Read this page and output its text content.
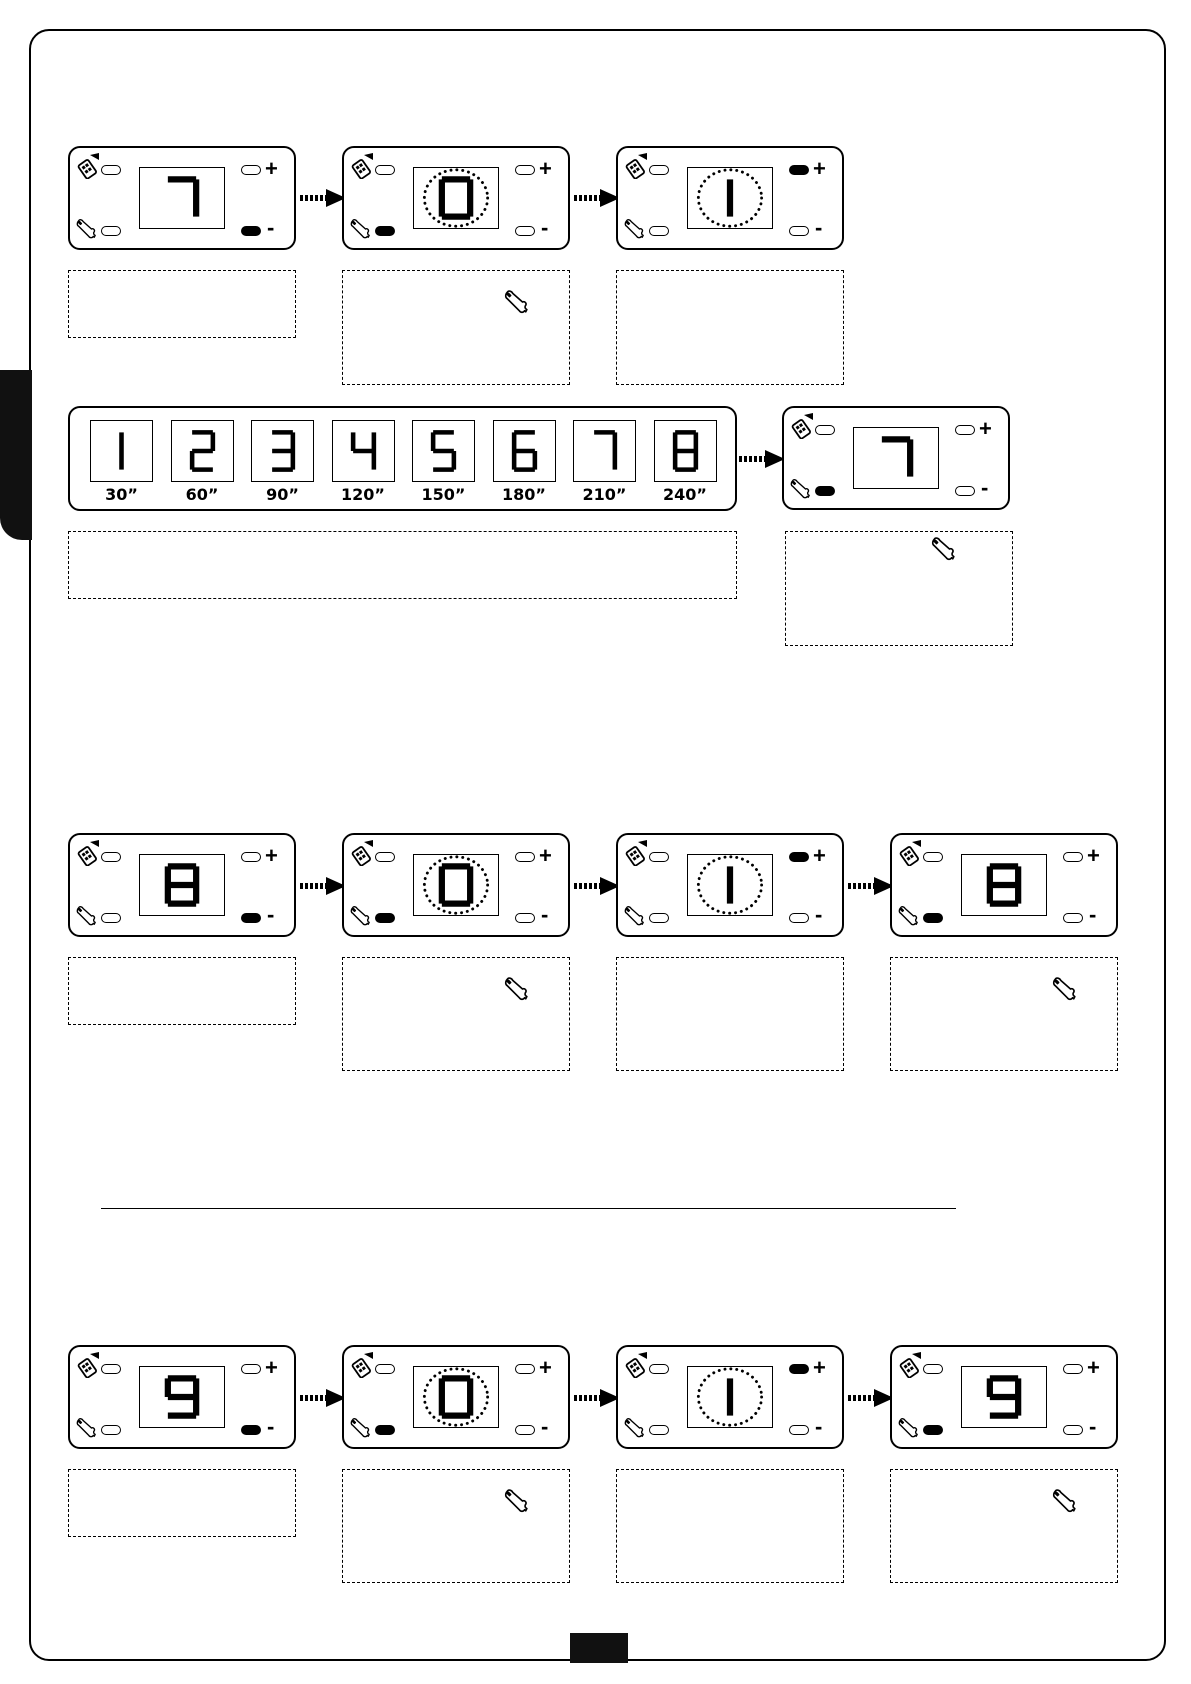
+
-
+
-
+
-
30”	60”	90”	120”	150”	180”	210”	240”
+
-
+
-
+
-
+
-
+
-
+
-
+
-
+
-
+
-
